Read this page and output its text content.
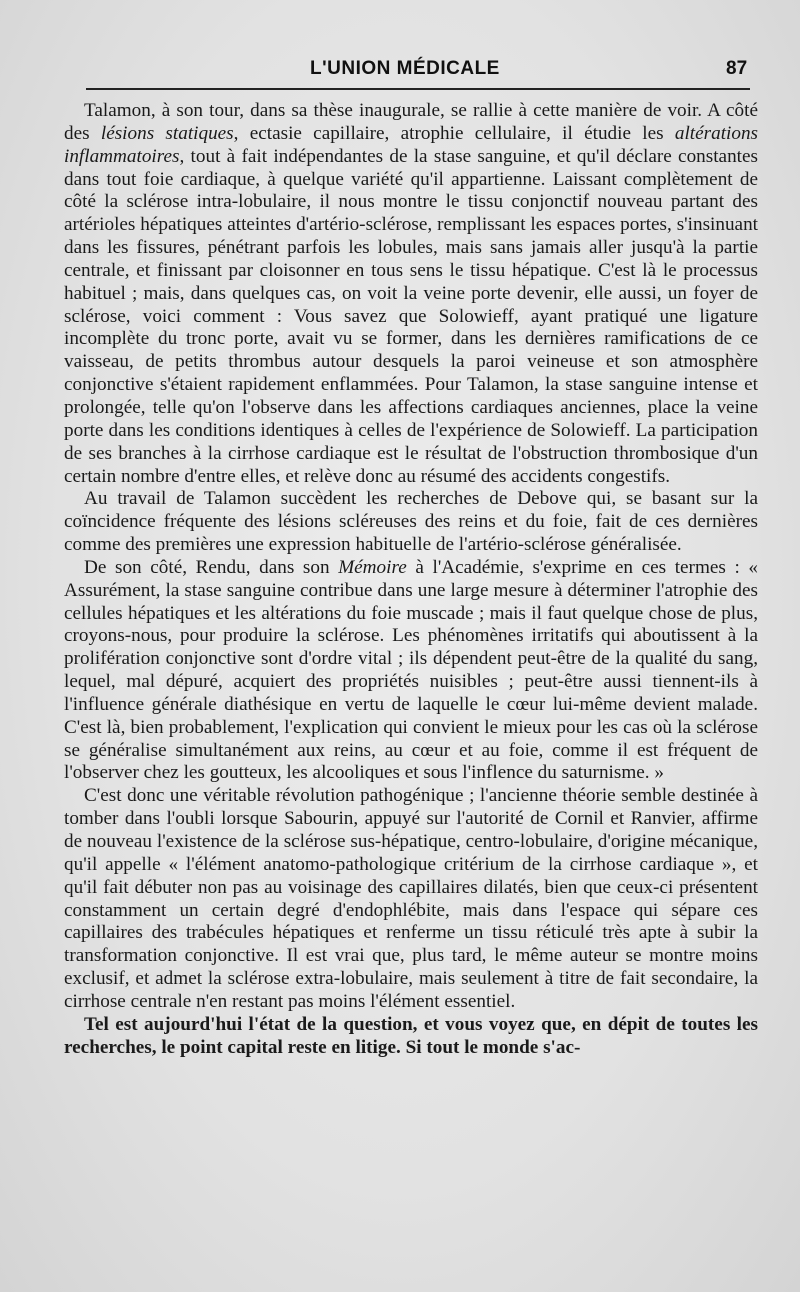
L'UNION MÉDICALE	87

Talamon, à son tour, dans sa thèse inaugurale, se rallie à cette manière de voir. A côté des lésions statiques, ectasie capillaire, atrophie cellulaire, il étudie les altérations inflammatoires, tout à fait indépendantes de la stase sanguine, et qu'il déclare constantes dans tout foie cardiaque, à quelque variété qu'il appartienne. Laissant complètement de côté la sclérose intra-lobulaire, il nous montre le tissu conjonctif nouveau partant des artérioles hépatiques atteintes d'artério-sclérose, remplissant les espaces portes, s'insinuant dans les fissures, pénétrant parfois les lobules, mais sans jamais aller jusqu'à la partie centrale, et finissant par cloisonner en tous sens le tissu hépatique. C'est là le processus habituel ; mais, dans quelques cas, on voit la veine porte devenir, elle aussi, un foyer de sclérose, voici comment : Vous savez que Solowieff, ayant pratiqué une ligature incomplète du tronc porte, avait vu se former, dans les dernières ramifications de ce vaisseau, de petits thrombus autour desquels la paroi veineuse et son atmosphère conjonctive s'étaient rapidement enflammées. Pour Talamon, la stase sanguine intense et prolongée, telle qu'on l'observe dans les affections cardiaques anciennes, place la veine porte dans les conditions identiques à celles de l'expérience de Solowieff. La participation de ses branches à la cirrhose cardiaque est le résultat de l'obstruction thrombosique d'un certain nombre d'entre elles, et relève donc au résumé des accidents congestifs.

Au travail de Talamon succèdent les recherches de Debove qui, se basant sur la coïncidence fréquente des lésions scléreuses des reins et du foie, fait de ces dernières comme des premières une expression habituelle de l'artério-sclérose généralisée.

De son côté, Rendu, dans son Mémoire à l'Académie, s'exprime en ces termes : « Assurément, la stase sanguine contribue dans une large mesure à déterminer l'atrophie des cellules hépatiques et les altérations du foie muscade ; mais il faut quelque chose de plus, croyons-nous, pour produire la sclérose. Les phénomènes irritatifs qui aboutissent à la prolifération conjonctive sont d'ordre vital ; ils dépendent peut-être de la qualité du sang, lequel, mal dépuré, acquiert des propriétés nuisibles ; peut-être aussi tiennent-ils à l'influence générale diathésique en vertu de laquelle le cœur lui-même devient malade. C'est là, bien probablement, l'explication qui convient le mieux pour les cas où la sclérose se généralise simultanément aux reins, au cœur et au foie, comme il est fréquent de l'observer chez les goutteux, les alcooliques et sous l'inflence du saturnisme. »

C'est donc une véritable révolution pathogénique ; l'ancienne théorie semble destinée à tomber dans l'oubli lorsque Sabourin, appuyé sur l'autorité de Cornil et Ranvier, affirme de nouveau l'existence de la sclérose sus-hépatique, centro-lobulaire, d'origine mécanique, qu'il appelle « l'élément anatomo-pathologique critérium de la cirrhose cardiaque », et qu'il fait débuter non pas au voisinage des capillaires dilatés, bien que ceux-ci présentent constamment un certain degré d'endophlébite, mais dans l'espace qui sépare ces capillaires des trabécules hépatiques et renferme un tissu réticulé très apte à subir la transformation conjonctive. Il est vrai que, plus tard, le même auteur se montre moins exclusif, et admet la sclérose extra-lobulaire, mais seulement à titre de fait secondaire, la cirrhose centrale n'en restant pas moins l'élément essentiel.

Tel est aujourd'hui l'état de la question, et vous voyez que, en dépit de toutes les recherches, le point capital reste en litige. Si tout le monde s'ac-
